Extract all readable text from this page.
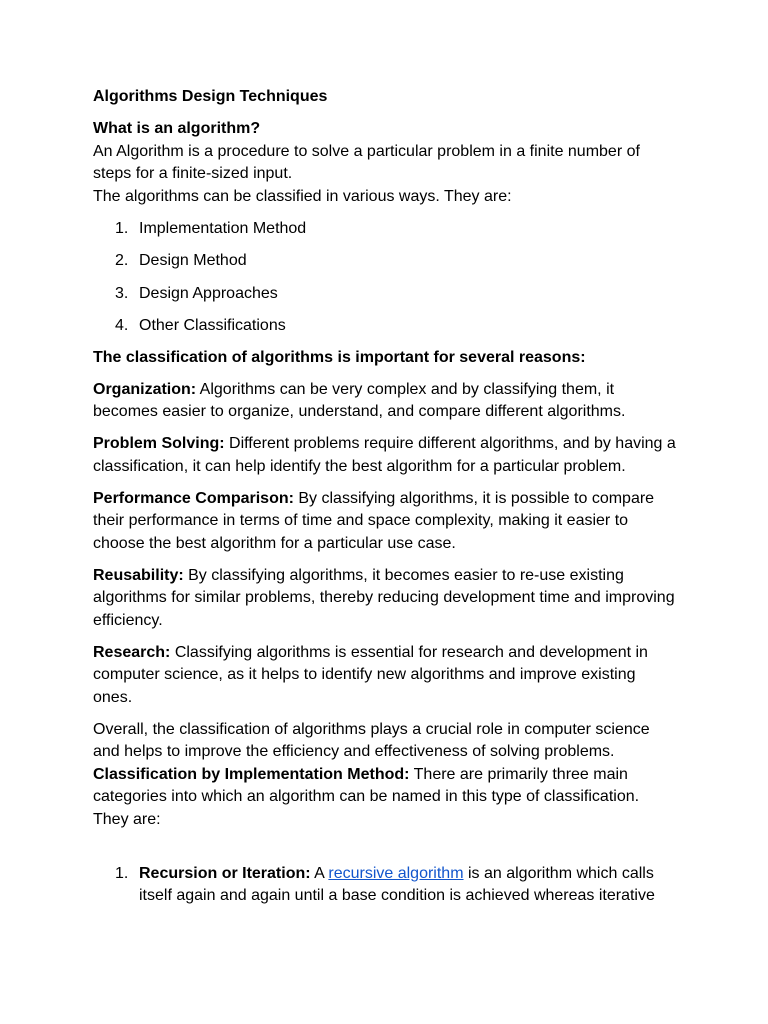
Algorithms Design Techniques

What is an algorithm?

An Algorithm is a procedure to solve a particular problem in a finite number of steps for a finite-sized input.

The algorithms can be classified in various ways. They are:

1. Implementation Method
2. Design Method
3. Design Approaches
4. Other Classifications

The classification of algorithms is important for several reasons:

Organization: Algorithms can be very complex and by classifying them, it becomes easier to organize, understand, and compare different algorithms.

Problem Solving: Different problems require different algorithms, and by having a classification, it can help identify the best algorithm for a particular problem.

Performance Comparison: By classifying algorithms, it is possible to compare their performance in terms of time and space complexity, making it easier to choose the best algorithm for a particular use case.

Reusability: By classifying algorithms, it becomes easier to re-use existing algorithms for similar problems, thereby reducing development time and improving efficiency.

Research: Classifying algorithms is essential for research and development in computer science, as it helps to identify new algorithms and improve existing ones.

Overall, the classification of algorithms plays a crucial role in computer science and helps to improve the efficiency and effectiveness of solving problems.

Classification by Implementation Method: There are primarily three main categories into which an algorithm can be named in this type of classification. They are:

1. Recursion or Iteration: A recursive algorithm is an algorithm which calls itself again and again until a base condition is achieved whereas iterative
